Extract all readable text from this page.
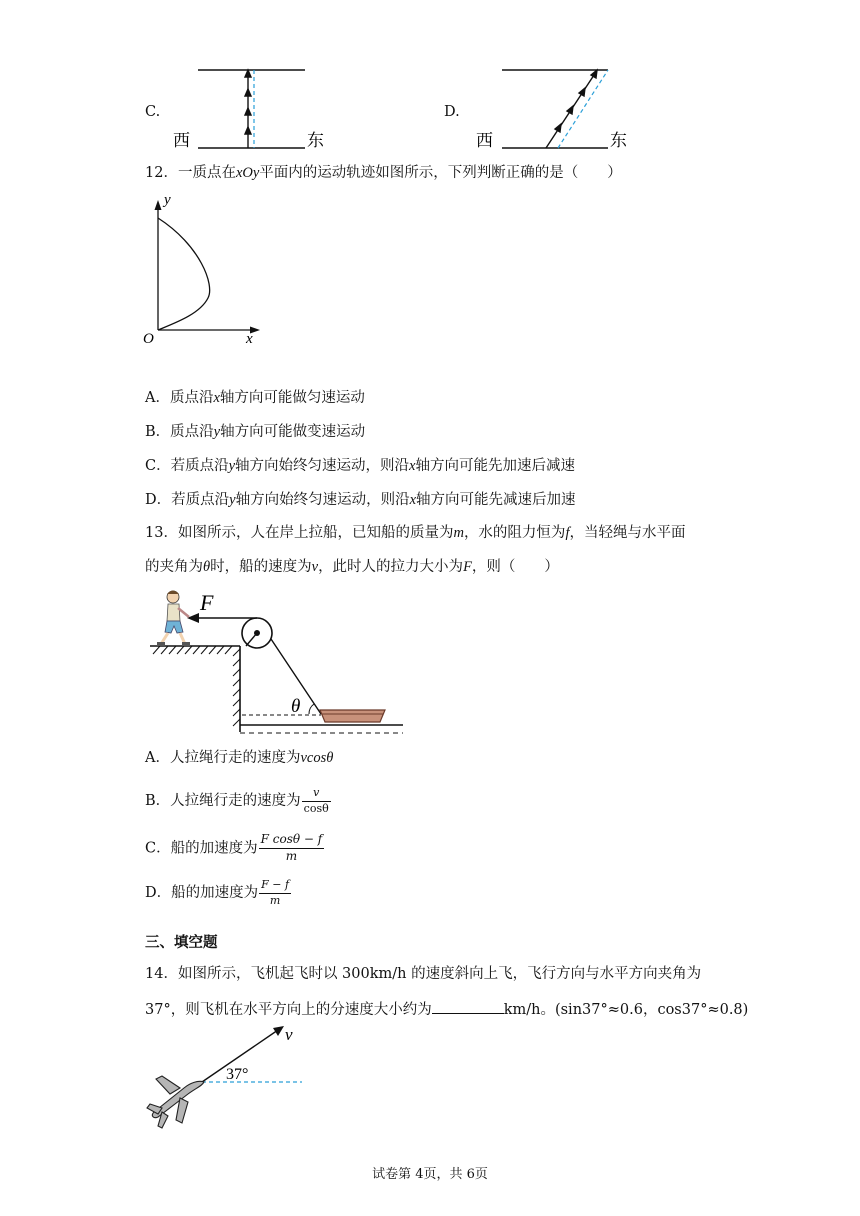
C.
西	东
D.
西	东
12．一质点在xOy平面内的运动轨迹如图所示，下列判断正确的是（　　）
y
x
O
A．质点沿x轴方向可能做匀速运动
B．质点沿y轴方向可能做变速运动
C．若质点沿y轴方向始终匀速运动，则沿x轴方向可能先加速后减速
D．若质点沿y轴方向始终匀速运动，则沿x轴方向可能先减速后加速
13．如图所示，人在岸上拉船，已知船的质量为m，水的阻力恒为f，当轻绳与水平面
的夹角为θ时，船的速度为v，此时人的拉力大小为F，则（　　）
F
θ
A．人拉绳行走的速度为vcosθ
B．人拉绳行走的速度为 $\frac{v}{\cos\theta}$
C．船的加速度为 $\frac{\text{F cosθ − f}}{m}$
D．船的加速度为 $\frac{F - f}{m}$
三、填空题
14．如图所示，飞机起飞时以 300km/h 的速度斜向上飞，飞行方向与水平方向夹角为
37°，则飞机在水平方向上的分速度大小约为	km/h。(sin37°≈0.6，cos37°≈0.8)
v
37°
试卷第 4页，共 6页
